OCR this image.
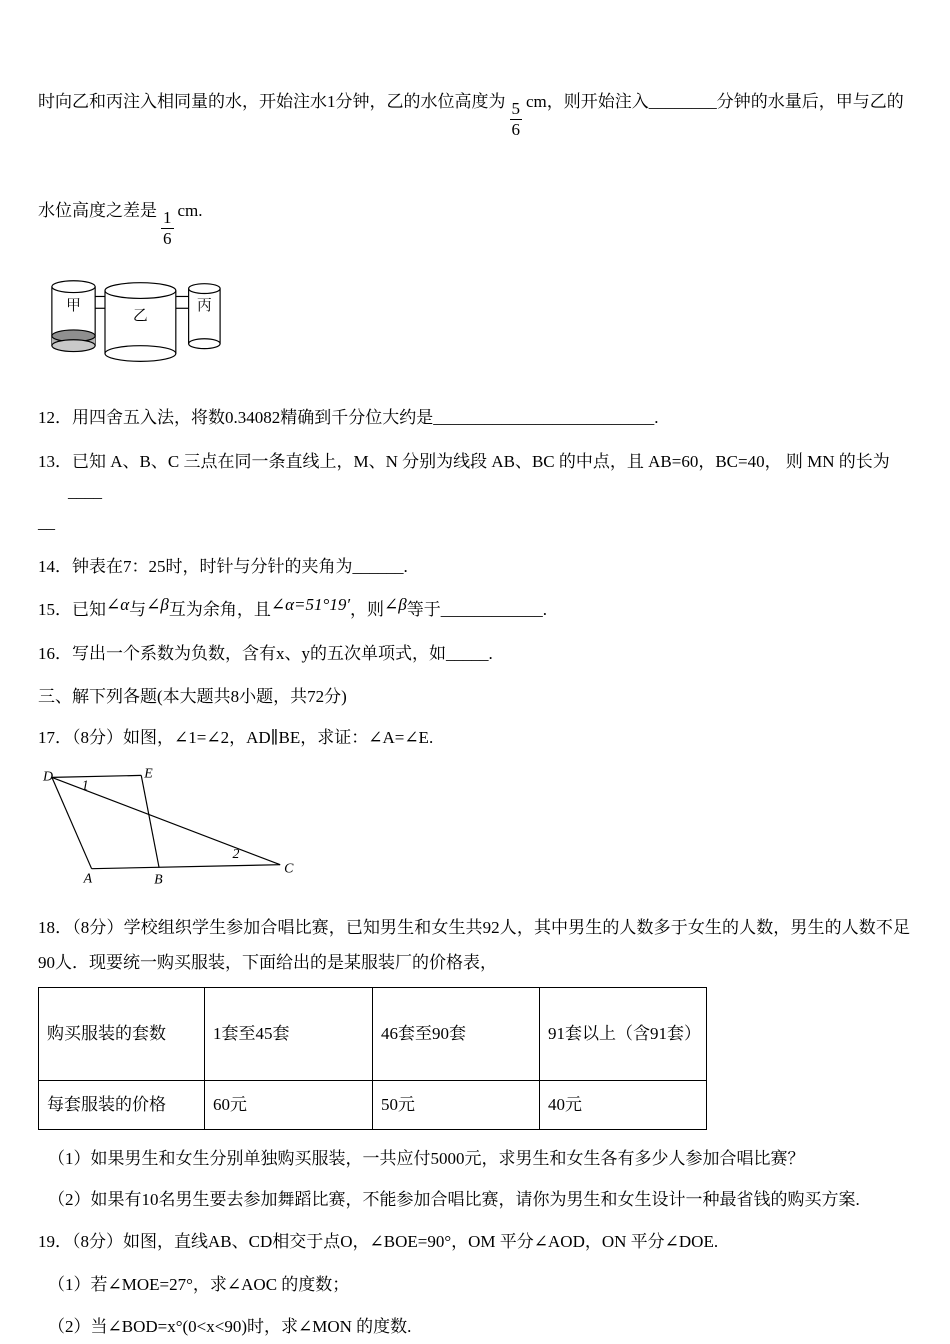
时向乙和丙注入相同量的水，开始注水1分钟，乙的水位高度为 $\frac{5}{6}$ cm，则开始注入________分钟的水量后，甲与乙的

水位高度之差是 $\frac{1}{6}$ cm.

甲
乙
丙

12．用四舍五入法，将数0.34082精确到千分位大约是__________________________.

13．已知 A、B、C 三点在同一条直线上，M、N 分别为线段 AB、BC 的中点，且 AB=60，BC=40， 则 MN 的长为____
__

14．钟表在7：25时，时针与分针的夹角为______.

15．已知∠α与∠β互为余角，且∠α=51°19′，则∠β等于____________.

16．写出一个系数为负数，含有x、y的五次单项式，如_____.

三、解下列各题(本大题共8小题，共72分)

17．（8分）如图，∠1=∠2，AD∥BE，求证：∠A=∠E.

D	E
A	B
C
1
2

18．（8分）学校组织学生参加合唱比赛，已知男生和女生共92人，其中男生的人数多于女生的人数，男生的人数不足90人．现要统一购买服装，下面给出的是某服装厂的价格表，

购买服装的套数	1套至45套	46套至90套	91套以上（含91套）
每套服装的价格	60元	50元	40元

（1）如果男生和女生分别单独购买服装，一共应付5000元，求男生和女生各有多少人参加合唱比赛？

（2）如果有10名男生要去参加舞蹈比赛，不能参加合唱比赛，请你为男生和女生设计一种最省钱的购买方案.

19．（8分）如图，直线AB、CD相交于点O，∠BOE=90°，OM 平分∠AOD，ON 平分∠DOE.

（1）若∠MOE=27°，求∠AOC 的度数；

（2）当∠BOD=x°(0<x<90)时，求∠MON 的度数.
